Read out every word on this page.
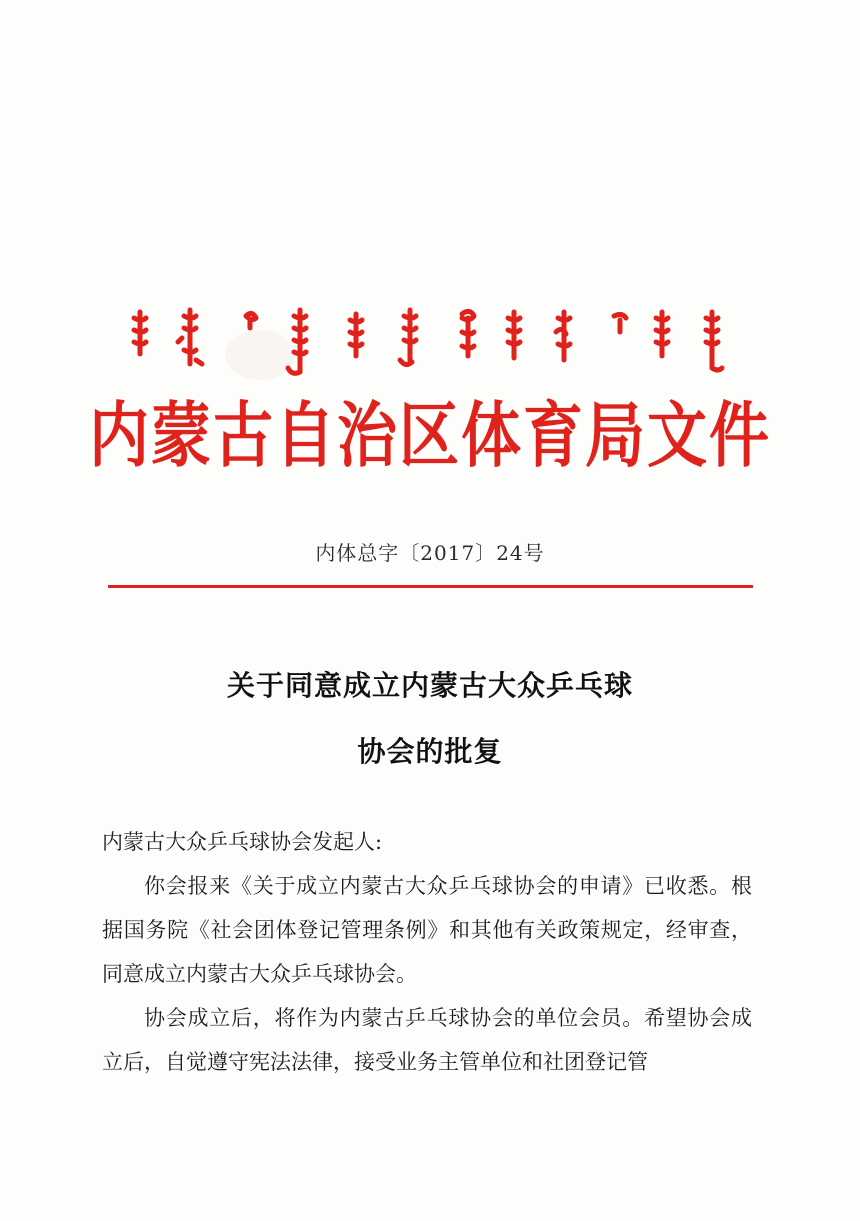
内蒙古自治区体育局文件
内体总字〔2017〕24号
关于同意成立内蒙古大众乒乓球
协会的批复

内蒙古大众乒乓球协会发起人:

你会报来《关于成立内蒙古大众乒乓球协会的申请》已收悉。根据国务院《社会团体登记管理条例》和其他有关政策规定，经审查，同意成立内蒙古大众乒乓球协会。

协会成立后，将作为内蒙古乒乓球协会的单位会员。希望协会成立后，自觉遵守宪法法律，接受业务主管单位和社团登记管
